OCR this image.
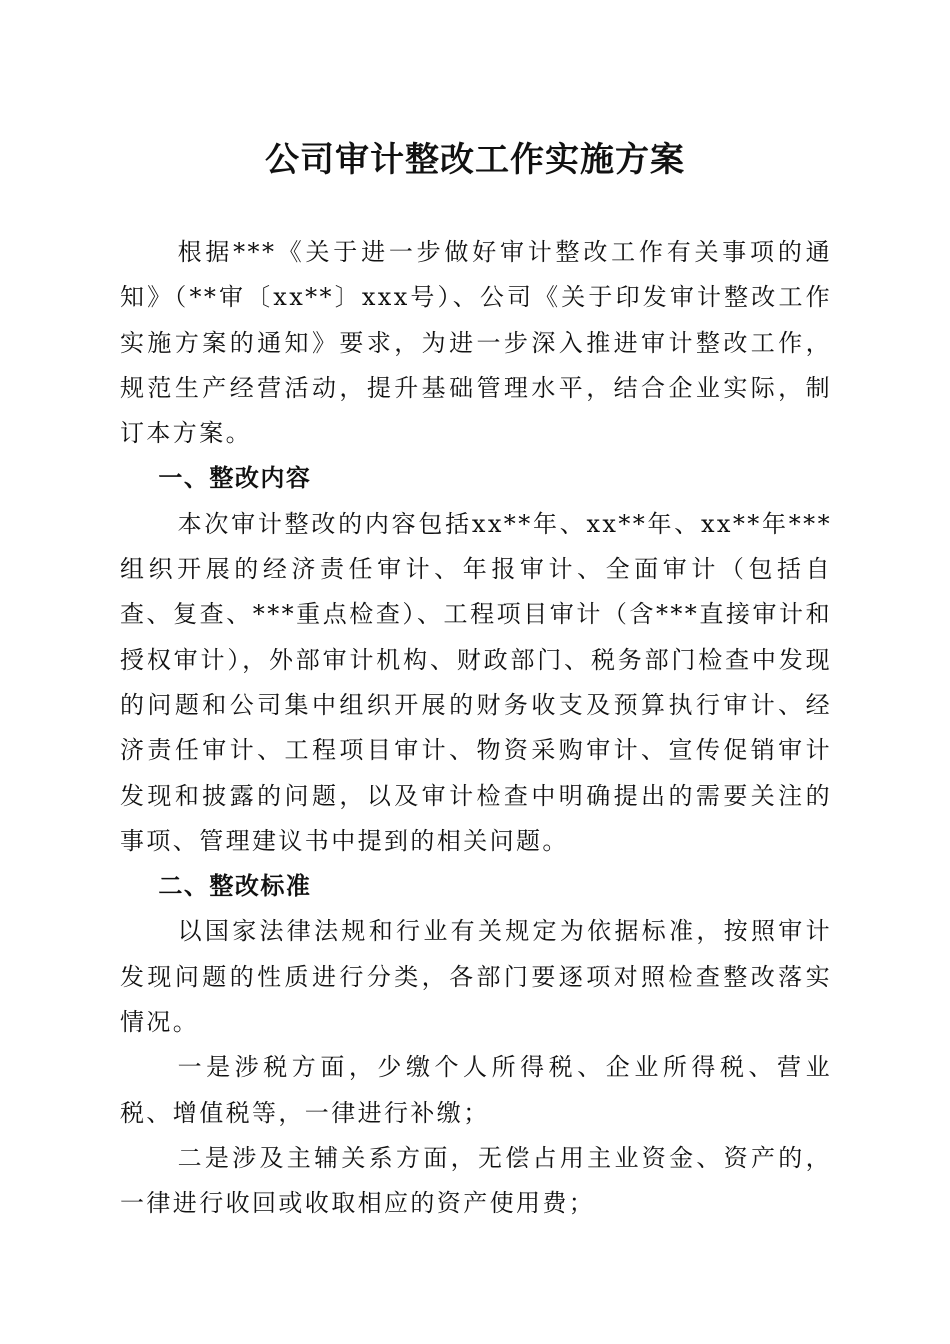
公司审计整改工作实施方案

根据***《关于进一步做好审计整改工作有关事项的通知》（**审〔xx**〕xxx号）、公司《关于印发审计整改工作实施方案的通知》要求，为进一步深入推进审计整改工作，规范生产经营活动，提升基础管理水平，结合企业实际，制订本方案。

一、整改内容

本次审计整改的内容包括xx**年、xx**年、xx**年***组织开展的经济责任审计、年报审计、全面审计（包括自查、复查、***重点检查）、工程项目审计（含***直接审计和授权审计），外部审计机构、财政部门、税务部门检查中发现的问题和公司集中组织开展的财务收支及预算执行审计、经济责任审计、工程项目审计、物资采购审计、宣传促销审计发现和披露的问题，以及审计检查中明确提出的需要关注的事项、管理建议书中提到的相关问题。

二、整改标准

以国家法律法规和行业有关规定为依据标准，按照审计发现问题的性质进行分类，各部门要逐项对照检查整改落实情况。

一是涉税方面，少缴个人所得税、企业所得税、营业税、增值税等，一律进行补缴；

二是涉及主辅关系方面，无偿占用主业资金、资产的，一律进行收回或收取相应的资产使用费；
